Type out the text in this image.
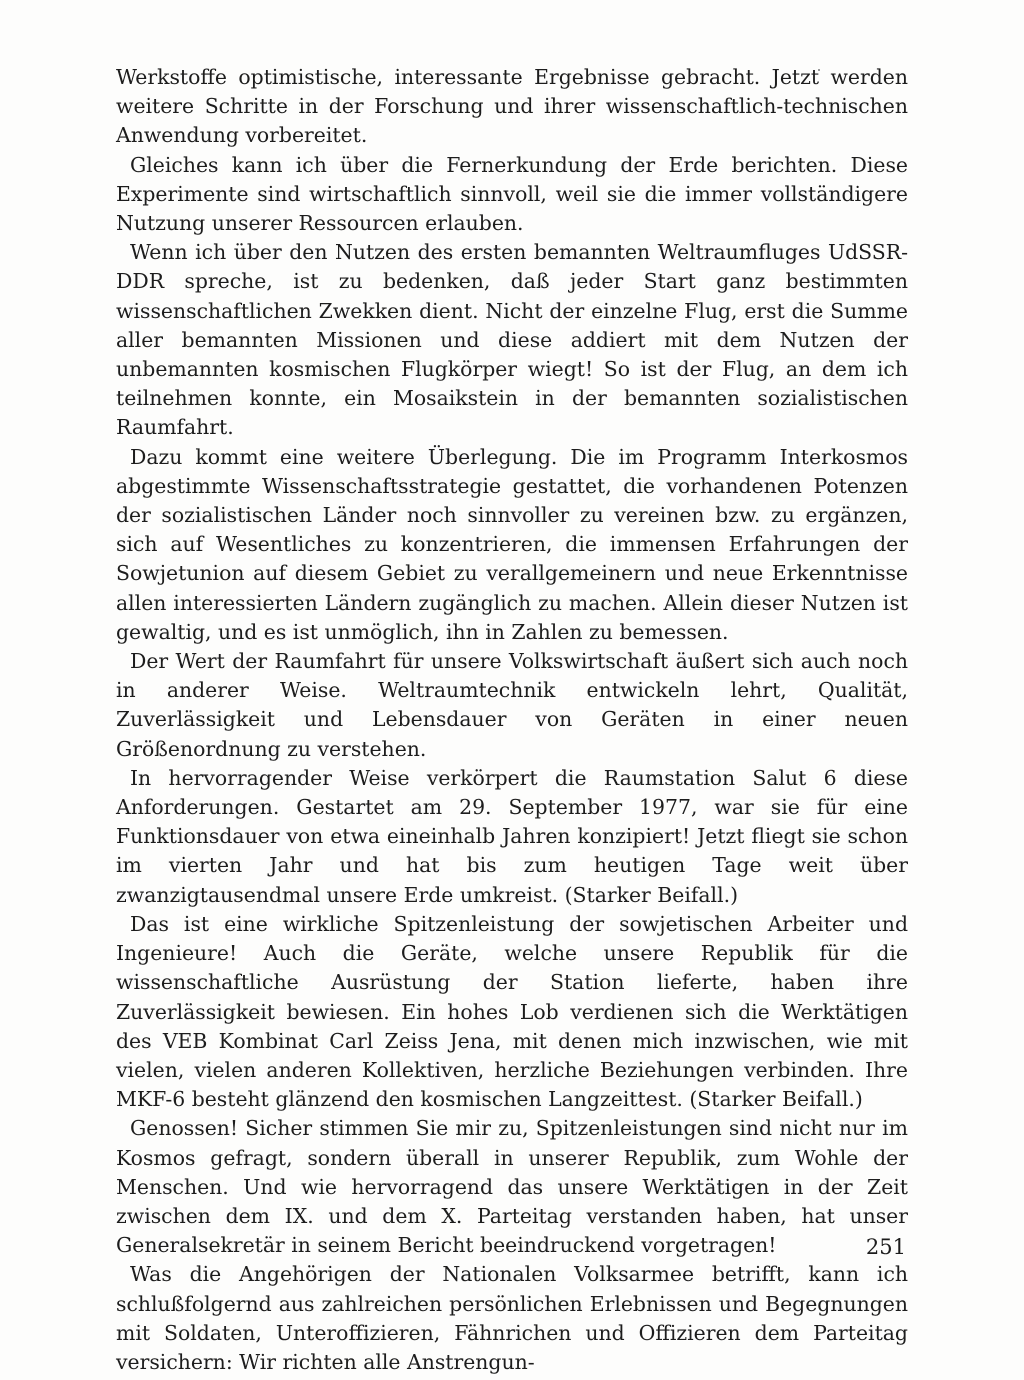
Werkstoffe optimistische, interessante Ergebnisse gebracht. Jetzt werden weitere Schritte in der Forschung und ihrer wissenschaftlich-technischen Anwendung vorbereitet.

Gleiches kann ich über die Fernerkundung der Erde berichten. Diese Experimente sind wirtschaftlich sinnvoll, weil sie die immer vollständigere Nutzung unserer Ressourcen erlauben.

Wenn ich über den Nutzen des ersten bemannten Weltraumfluges UdSSR-DDR spreche, ist zu bedenken, daß jeder Start ganz bestimmten wissenschaftlichen Zwekken dient. Nicht der einzelne Flug, erst die Summe aller bemannten Missionen und diese addiert mit dem Nutzen der unbemannten kosmischen Flugkörper wiegt! So ist der Flug, an dem ich teilnehmen konnte, ein Mosaikstein in der bemannten sozialistischen Raumfahrt.

Dazu kommt eine weitere Überlegung. Die im Programm Interkosmos abgestimmte Wissenschaftsstrategie gestattet, die vorhandenen Potenzen der sozialistischen Länder noch sinnvoller zu vereinen bzw. zu ergänzen, sich auf Wesentliches zu konzentrieren, die immensen Erfahrungen der Sowjetunion auf diesem Gebiet zu verallgemeinern und neue Erkenntnisse allen interessierten Ländern zugänglich zu machen. Allein dieser Nutzen ist gewaltig, und es ist unmöglich, ihn in Zahlen zu bemessen.

Der Wert der Raumfahrt für unsere Volkswirtschaft äußert sich auch noch in anderer Weise. Weltraumtechnik entwickeln lehrt, Qualität, Zuverlässigkeit und Lebensdauer von Geräten in einer neuen Größenordnung zu verstehen.

In hervorragender Weise verkörpert die Raumstation Salut 6 diese Anforderungen. Gestartet am 29. September 1977, war sie für eine Funktionsdauer von etwa eineinhalb Jahren konzipiert! Jetzt fliegt sie schon im vierten Jahr und hat bis zum heutigen Tage weit über zwanzigtausendmal unsere Erde umkreist. (Starker Beifall.)

Das ist eine wirkliche Spitzenleistung der sowjetischen Arbeiter und Ingenieure! Auch die Geräte, welche unsere Republik für die wissenschaftliche Ausrüstung der Station lieferte, haben ihre Zuverlässigkeit bewiesen. Ein hohes Lob verdienen sich die Werktätigen des VEB Kombinat Carl Zeiss Jena, mit denen mich inzwischen, wie mit vielen, vielen anderen Kollektiven, herzliche Beziehungen verbinden. Ihre MKF-6 besteht glänzend den kosmischen Langzeittest. (Starker Beifall.)

Genossen! Sicher stimmen Sie mir zu, Spitzenleistungen sind nicht nur im Kosmos gefragt, sondern überall in unserer Republik, zum Wohle der Menschen. Und wie hervorragend das unsere Werktätigen in der Zeit zwischen dem IX. und dem X. Parteitag verstanden haben, hat unser Generalsekretär in seinem Bericht beeindruckend vorgetragen!

Was die Angehörigen der Nationalen Volksarmee betrifft, kann ich schlußfolgernd aus zahlreichen persönlichen Erlebnissen und Begegnungen mit Soldaten, Unteroffizieren, Fähnrichen und Offizieren dem Parteitag versichern: Wir richten alle Anstrengun-

251
